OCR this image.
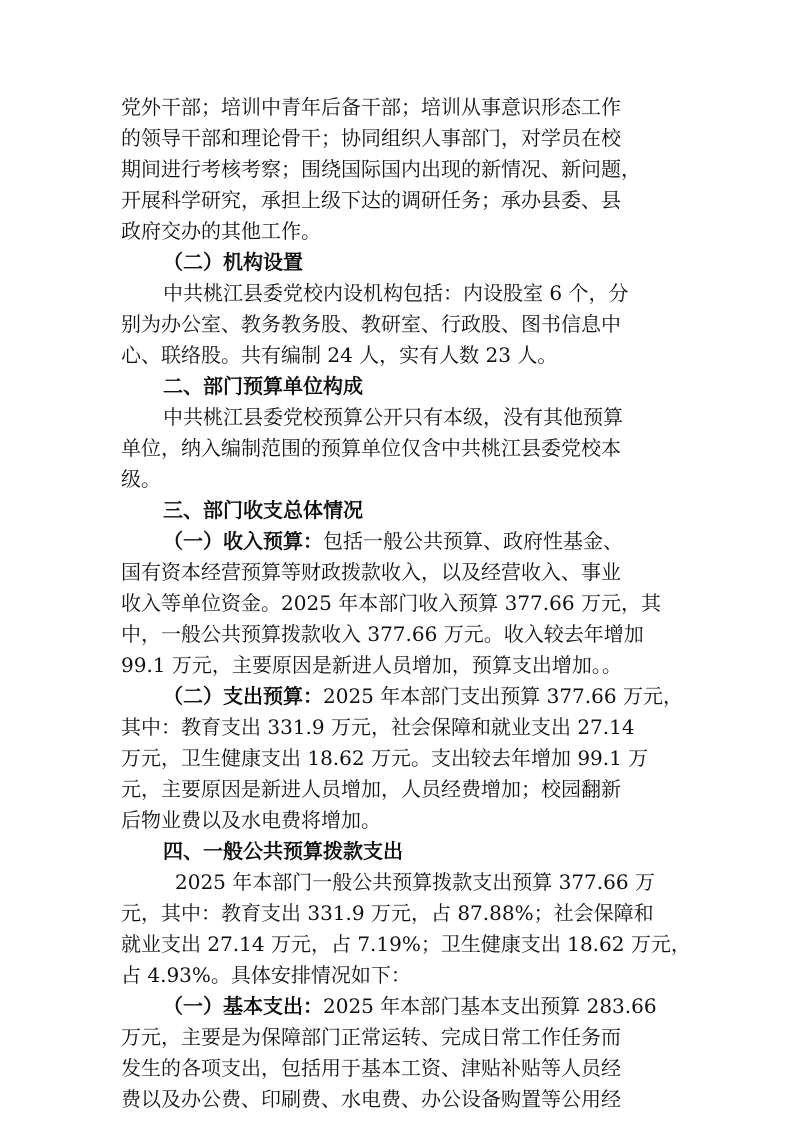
党外干部；培训中青年后备干部；培训从事意识形态工作
的领导干部和理论骨干；协同组织人事部门，对学员在校
期间进行考核考察；围绕国际国内出现的新情况、新问题，
开展科学研究，承担上级下达的调研任务；承办县委、县
政府交办的其他工作。
（二）机构设置
中共桃江县委党校内设机构包括：内设股室 6 个，分
别为办公室、教务教务股、教研室、行政股、图书信息中
心、联络股。共有编制 24 人，实有人数 23 人。
二、部门预算单位构成
中共桃江县委党校预算公开只有本级，没有其他预算
单位，纳入编制范围的预算单位仅含中共桃江县委党校本
级。
三、部门收支总体情况
（一）收入预算：包括一般公共预算、政府性基金、
国有资本经营预算等财政拨款收入，以及经营收入、事业
收入等单位资金。2025 年本部门收入预算 377.66 万元，其
中，一般公共预算拨款收入 377.66 万元。收入较去年增加
99.1 万元，主要原因是新进人员增加，预算支出增加。。
（二）支出预算：2025 年本部门支出预算 377.66 万元，
其中：教育支出 331.9 万元，社会保障和就业支出 27.14
万元，卫生健康支出 18.62 万元。支出较去年增加 99.1 万
元，主要原因是新进人员增加，人员经费增加；校园翻新
后物业费以及水电费将增加。
四、一般公共预算拨款支出
2025 年本部门一般公共预算拨款支出预算 377.66 万
元，其中：教育支出 331.9 万元，占 87.88%；社会保障和
就业支出 27.14 万元，占 7.19%；卫生健康支出 18.62 万元，
占 4.93%。具体安排情况如下：
（一）基本支出：2025 年本部门基本支出预算 283.66
万元，主要是为保障部门正常运转、完成日常工作任务而
发生的各项支出，包括用于基本工资、津贴补贴等人员经
费以及办公费、印刷费、水电费、办公设备购置等公用经
